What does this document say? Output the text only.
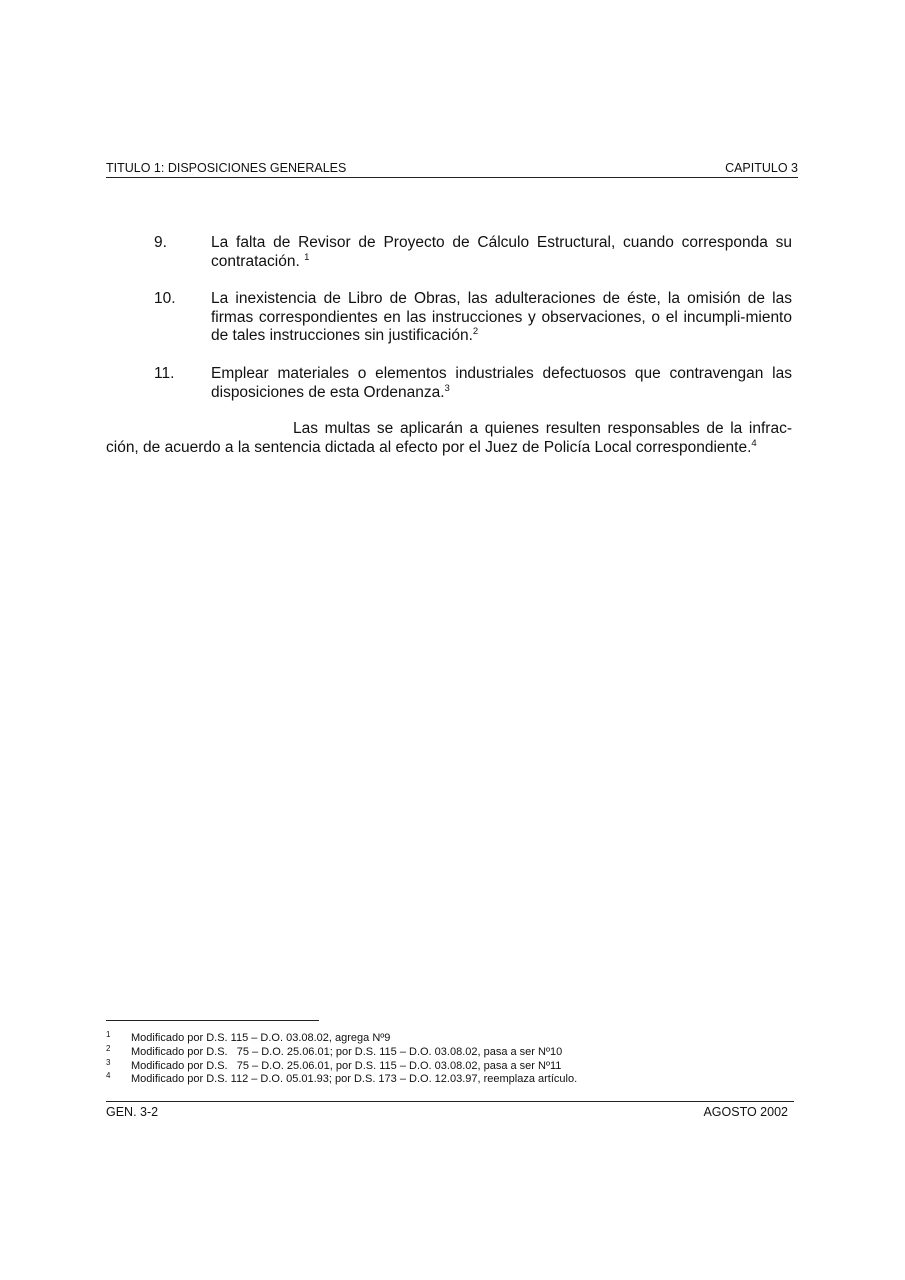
TITULO 1: DISPOSICIONES GENERALES	CAPITULO 3
9.	La falta de Revisor de Proyecto de Cálculo Estructural, cuando corresponda su contratación. $^1$
10. La inexistencia de Libro de Obras, las adulteraciones de éste, la omisión de las firmas correspondientes en las instrucciones y observaciones, o el incumpli-miento de tales instrucciones sin justificación.$^2$
11. Emplear materiales o elementos industriales defectuosos que contravengan las disposiciones de esta Ordenanza.$^3$
Las multas se aplicarán a quienes resulten responsables de la infrac-ción, de acuerdo a la sentencia dictada al efecto por el Juez de Policía Local correspondiente.$^4$
1 Modificado por D.S. 115 – D.O. 03.08.02, agrega Nº9
2 Modificado por D.S.   75 – D.O. 25.06.01; por D.S. 115 – D.O. 03.08.02, pasa a ser Nº10
3 Modificado por D.S.   75 – D.O. 25.06.01, por D.S. 115 – D.O. 03.08.02, pasa a ser Nº11
4 Modificado por D.S. 112 – D.O. 05.01.93; por D.S. 173 – D.O. 12.03.97, reemplaza artículo.
GEN. 3-2	AGOSTO 2002
